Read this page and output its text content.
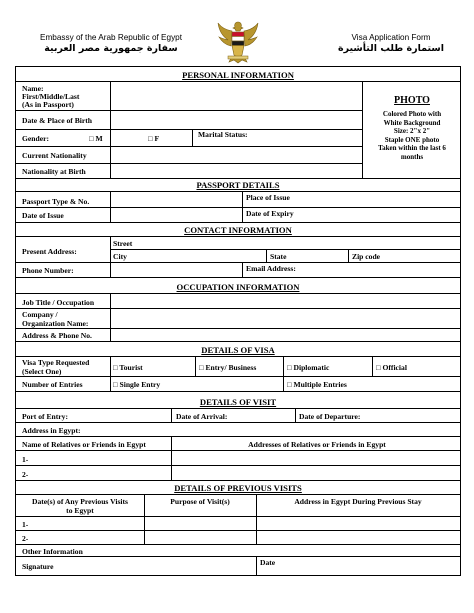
Embassy of the Arab Republic of Egypt
سفارة جمهورية مصر العربية
Visa Application Form
استمارة طلب التأشيرة
PERSONAL INFORMATION
Name:
First/Middle/Last
(As in Passport)
Date & Place of Birth
Gender:	□ M	□ F	Marital Status:
Current Nationality
Nationality at Birth
PHOTO
Colored Photo with
White Background
Size: 2"x 2"
Staple ONE photo
Taken within the last 6
months
PASSPORT DETAILS
Passport Type & No.	Place of Issue
Date of Issue	Date of Expiry
CONTACT INFORMATION
Present Address:
Street
City	State	Zip code
Phone Number:	Email Address:
OCCUPATION INFORMATION
Job Title / Occupation
Company /
Organization Name:
Address & Phone No.
DETAILS OF VISA
Visa Type Requested
(Select One)	□ Tourist	□ Entry/ Business	□ Diplomatic	□ Official
Number of Entries	□ Single Entry	□ Multiple Entries
DETAILS OF VISIT
Port of Entry:	Date of Arrival:	Date of Departure:
Address in Egypt:
Name of Relatives or Friends in Egypt	Addresses of Relatives or Friends in Egypt
1-
2-
DETAILS OF PREVIOUS VISITS
Date(s) of Any Previous Visits
to Egypt
Purpose of Visit(s)	Address in Egypt During Previous Stay
1-
2-
Other Information
Signature	Date
